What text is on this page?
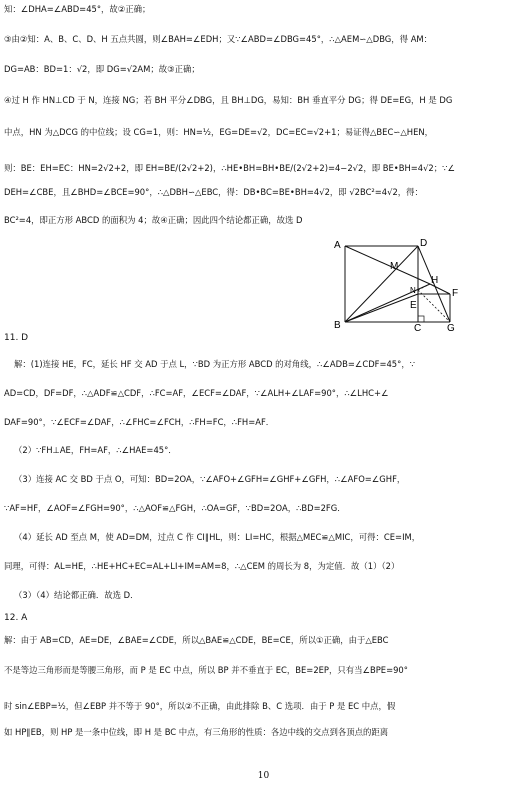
知：∠DHA=∠ABD=45°，故②正确；
③由②知：A、B、C、D、H 五点共圆，则∠BAH=∠EDH；又∵∠ABD=∠DBG=45°，∴△AEM∽△DBG，得 AM：
DG=AB：BD=1：√2，即 DG=√2AM；故③正确；
④过 H 作 HN⊥CD 于 N，连接 NG；若 BH 平分∠DBG，且 BH⊥DG，易知：BH 垂直平分 DG；得 DE=EG，H 是 DG
中点，HN 为△DCG 的中位线；设 CG=1，则：HN=½，EG=DE=√2，DC=EC=√2+1；易证得△BEC∽△HEN，
则：BE：EH=EC：HN=2√2+2，即 EH=BE/(2√2+2)，∴HE•BH=BH•BE/(2√2+2)=4−2√2，即 BE•BH=4√2；∵∠
DEH=∠CBE，且∠BHD=∠BCE=90°，∴△DBH∽△EBC，得：DB•BC=BE•BH=4√2，即 √2BC²=4√2，得：
BC²=4，即正方形 ABCD 的面积为 4；故④正确；因此四个结论都正确，故选 D
A	D
M
H
N
E
F
B	C	G
11. D
解：(1)连接 HE，FC，延长 HF 交 AD 于点 L，∵BD 为正方形 ABCD 的对角线，∴∠ADB=∠CDF=45°，∵
AD=CD，DF=DF，∴△ADF≌△CDF，∴FC=AF，∠ECF=∠DAF，∵∠ALH+∠LAF=90°，∴∠LHC+∠
DAF=90°，∵∠ECF=∠DAF，∴∠FHC=∠FCH，∴FH=FC，∴FH=AF．
（2）∵FH⊥AE，FH=AF，∴∠HAE=45°．
（3）连接 AC 交 BD 于点 O，可知：BD=2OA，∵∠AFO+∠GFH=∠GHF+∠GFH，∴∠AFO=∠GHF，
∵AF=HF，∠AOF=∠FGH=90°，∴△AOF≌△FGH，∴OA=GF，∵BD=2OA，∴BD=2FG．
（4）延长 AD 至点 M，使 AD=DM，过点 C 作 CI∥HL，则：LI=HC，根据△MEC≌△MIC，可得：CE=IM，
同理，可得：AL=HE，∴HE+HC+EC=AL+LI+IM=AM=8，∴△CEM 的周长为 8，为定值．故（1）（2）
（3）（4）结论都正确．故选 D．
12. A
解：由于 AB=CD，AE=DE，∠BAE=∠CDE，所以△BAE≌△CDE，BE=CE，所以①正确，由于△EBC
不是等边三角形而是等腰三角形，而 P 是 EC 中点，所以 BP 并不垂直于 EC，BE=2EP，只有当∠BPE=90°
时 sin∠EBP=½，但∠EBP 并不等于 90°，所以②不正确，由此排除 B、C 选项．由于 P 是 EC 中点，假
如 HP∥EB，则 HP 是一条中位线，即 H 是 BC 中点，有三角形的性质：各边中线的交点到各顶点的距离
10
